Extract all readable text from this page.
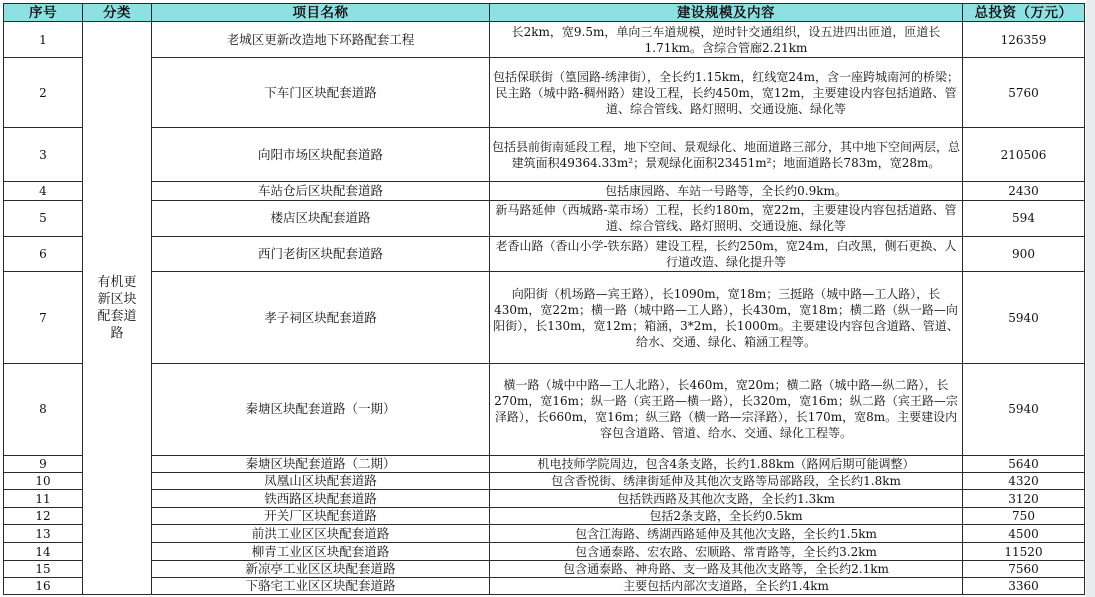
序号	分类	项目名称	建设规模及内容	总投资（万元）
1	有机更新区块配套道路	老城区更新改造地下环路配套工程	长2km，宽9.5m，单向三车道规模，逆时针交通组织，设五进四出匝道，匝道长1.71km。含综合管廊2.21km	126359
2		下车门区块配套道路	包括保联街（篁园路-绣津街），全长约1.15km，红线宽24m，含一座跨城南河的桥梁；民主路（城中路-稠州路）建设工程，长约450m，宽12m，主要建设内容包括道路、管道、综合管线、路灯照明、交通设施、绿化等	5760
3		向阳市场区块配套道路	包括县前街南延段工程，地下空间、景观绿化、地面道路三部分，其中地下空间两层，总建筑面积49364.33m²；景观绿化面积23451m²；地面道路长783m，宽28m。	210506
4		车站仓后区块配套道路	包括康园路、车站一号路等，全长约0.9km。	2430
5		楼店区块配套道路	新马路延伸（西城路-菜市场）工程，长约180m，宽22m，主要建设内容包括道路、管道、综合管线、路灯照明、交通设施、绿化等	594
6		西门老街区块配套道路	老香山路（香山小学-铁东路）建设工程，长约250m，宽24m，白改黑，侧石更换、人行道改造、绿化提升等	900
7		孝子祠区块配套道路	向阳街（机场路—宾王路），长1090m，宽18m；三挺路（城中路—工人路），长430m，宽22m；横一路（城中路—工人路），长430m，宽18m；横二路（纵一路—向阳街），长130m，宽12m；箱涵，3*2m，长1000m。主要建设内容包含道路、管道、给水、交通、绿化、箱涵工程等。	5940
8		秦塘区块配套道路（一期）	横一路（城中中路—工人北路），长460m，宽20m；横二路（城中路—纵二路），长270m，宽16m；纵一路（宾王路—横一路），长320m，宽16m；纵二路（宾王路—宗泽路），长660m，宽16m；纵三路（横一路—宗泽路），长170m，宽8m。主要建设内容包含道路、管道、给水、交通、绿化工程等。	5940
9		秦塘区块配套道路（二期）	机电技师学院周边，包含4条支路，长约1.88km（路网后期可能调整）	5640
10		凤凰山区块配套道路	包含香悦街、绣津街延伸及其他次支路等局部路段，全长约1.8km	4320
11		铁西路区块配套道路	包括铁西路及其他次支路，全长约1.3km	3120
12		开关厂区块配套道路	包括2条支路，全长约0.5km	750
13		前洪工业区区块配套道路	包含江海路、绣湖西路延伸及其他次支路，全长约1.5km	4500
14		柳青工业区区块配套道路	包含通泰路、宏农路、宏顺路、常青路等，全长约3.2km	11520
15		新凉亭工业区区块配套道路	包含通泰路、神舟路、支一路及其他次支路等，全长约2.1km	7560
16		下骆宅工业区区块配套道路	主要包括内部次支道路，全长约1.4km	3360
